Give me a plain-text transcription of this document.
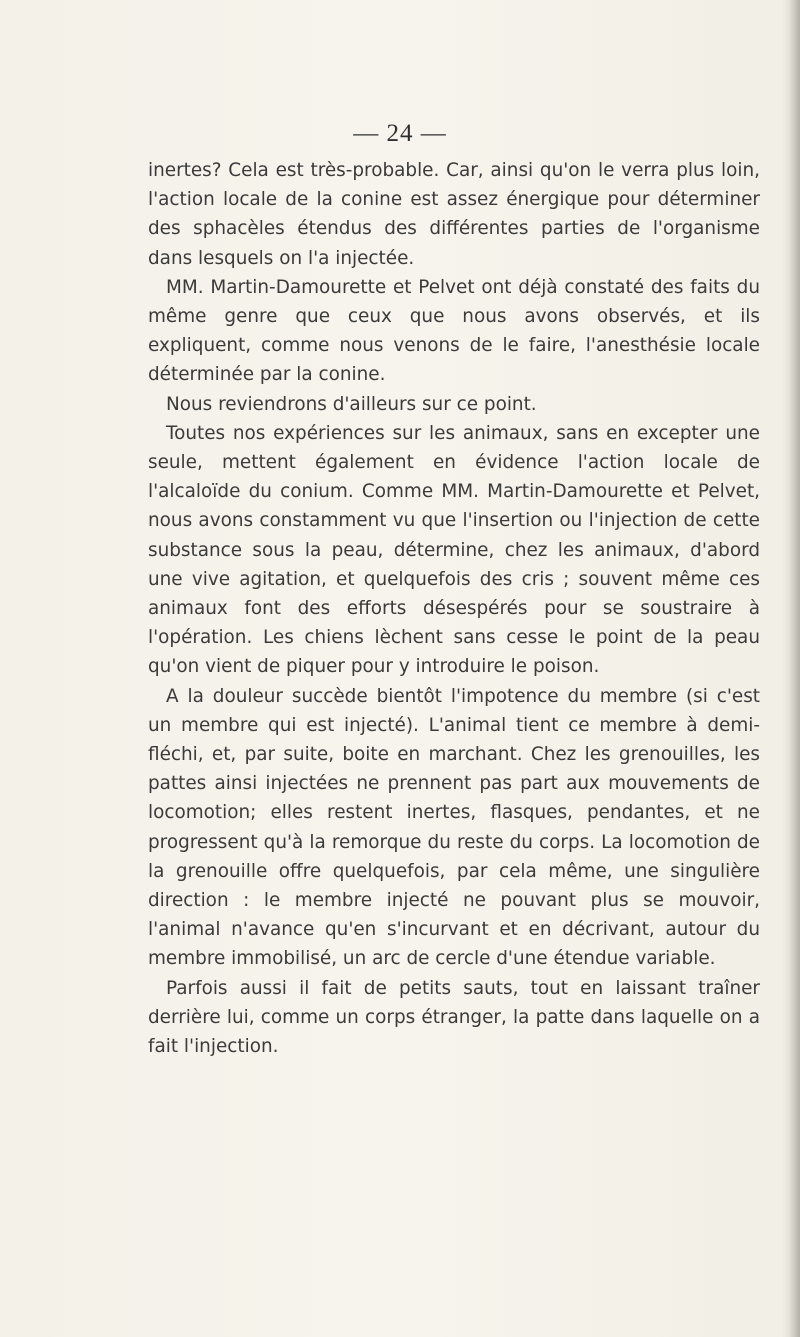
— 24 —

inertes? Cela est très-probable. Car, ainsi qu'on le verra plus loin, l'action locale de la conine est assez énergique pour déterminer des sphacèles étendus des différentes parties de l'organisme dans lesquels on l'a injectée.

MM. Martin-Damourette et Pelvet ont déjà constaté des faits du même genre que ceux que nous avons observés, et ils expliquent, comme nous venons de le faire, l'anesthésie locale déterminée par la conine.

Nous reviendrons d'ailleurs sur ce point.

Toutes nos expériences sur les animaux, sans en excepter une seule, mettent également en évidence l'action locale de l'alcaloïde du conium. Comme MM. Martin-Damourette et Pelvet, nous avons constamment vu que l'insertion ou l'injection de cette substance sous la peau, détermine, chez les animaux, d'abord une vive agitation, et quelquefois des cris ; souvent même ces animaux font des efforts désespérés pour se soustraire à l'opération. Les chiens lèchent sans cesse le point de la peau qu'on vient de piquer pour y introduire le poison.

A la douleur succède bientôt l'impotence du membre (si c'est un membre qui est injecté). L'animal tient ce membre à demi-fléchi, et, par suite, boite en marchant. Chez les grenouilles, les pattes ainsi injectées ne prennent pas part aux mouvements de locomotion; elles restent inertes, flasques, pendantes, et ne progressent qu'à la remorque du reste du corps. La locomotion de la grenouille offre quelquefois, par cela même, une singulière direction : le membre injecté ne pouvant plus se mouvoir, l'animal n'avance qu'en s'incurvant et en décrivant, autour du membre immobilisé, un arc de cercle d'une étendue variable.

Parfois aussi il fait de petits sauts, tout en laissant traîner derrière lui, comme un corps étranger, la patte dans laquelle on a fait l'injection.
